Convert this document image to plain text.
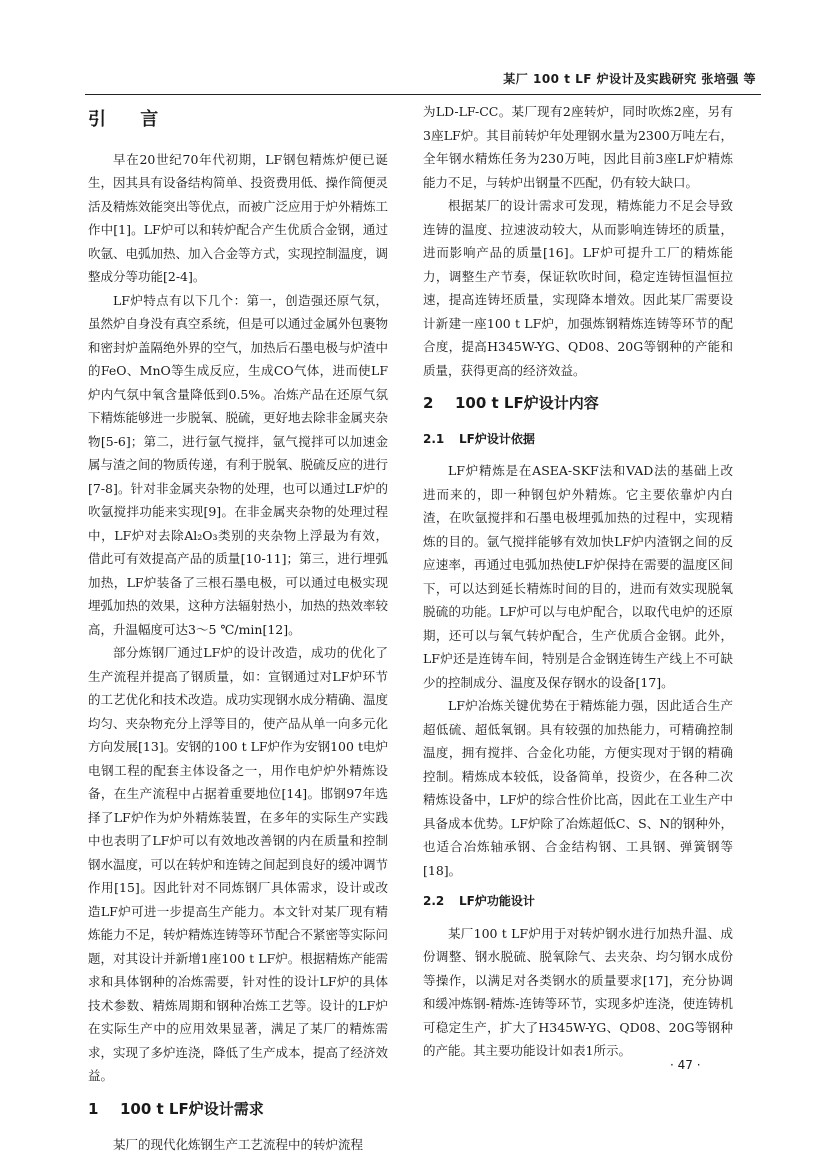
某厂 100 t LF 炉设计及实践研究 张培强 等
引 言

早在20世纪70年代初期，LF钢包精炼炉便已诞生，因其具有设备结构简单、投资费用低、操作简便灵活及精炼效能突出等优点，而被广泛应用于炉外精炼工作中[1]。LF炉可以和转炉配合产生优质合金钢，通过吹氩、电弧加热、加入合金等方式，实现控制温度，调整成分等功能[2-4]。

LF炉特点有以下几个：第一，创造强还原气氛，虽然炉自身没有真空系统，但是可以通过金属外包裹物和密封炉盖隔绝外界的空气，加热后石墨电极与炉渣中的FeO、MnO等生成反应，生成CO气体，进而使LF炉内气氛中氧含量降低到0.5%。冶炼产品在还原气氛下精炼能够进一步脱氧、脱硫，更好地去除非金属夹杂物[5-6]；第二，进行氩气搅拌，氩气搅拌可以加速金属与渣之间的物质传递，有利于脱氧、脱硫反应的进行[7-8]。针对非金属夹杂物的处理，也可以通过LF炉的吹氩搅拌功能来实现[9]。在非金属夹杂物的处理过程中，LF炉对去除Al₂O₃类别的夹杂物上浮最为有效，借此可有效提高产品的质量[10-11]；第三，进行埋弧加热，LF炉装备了三根石墨电极，可以通过电极实现埋弧加热的效果，这种方法辐射热小，加热的热效率较高，升温幅度可达3～5 ℃/min[12]。

部分炼钢厂通过LF炉的设计改造，成功的优化了生产流程并提高了钢质量，如：宣钢通过对LF炉环节的工艺优化和技术改造。成功实现钢水成分精确、温度均匀、夹杂物充分上浮等目的，使产品从单一向多元化方向发展[13]。安钢的100 t LF炉作为安钢100 t电炉电钢工程的配套主体设备之一，用作电炉炉外精炼设备，在生产流程中占据着重要地位[14]。邯钢97年选择了LF炉作为炉外精炼装置，在多年的实际生产实践中也表明了LF炉可以有效地改善钢的内在质量和控制钢水温度，可以在转炉和连铸之间起到良好的缓冲调节作用[15]。因此针对不同炼钢厂具体需求，设计或改造LF炉可进一步提高生产能力。本文针对某厂现有精炼能力不足，转炉精炼连铸等环节配合不紧密等实际问题，对其设计并新增1座100 t LF炉。根据精炼产能需求和具体钢种的冶炼需要，针对性的设计LF炉的具体技术参数、精炼周期和钢种冶炼工艺等。设计的LF炉在实际生产中的应用效果显著，满足了某厂的精炼需求，实现了多炉连浇，降低了生产成本，提高了经济效益。

1 100 t LF炉设计需求

某厂的现代化炼钢生产工艺流程中的转炉流程

为LD-LF-CC。某厂现有2座转炉，同时吹炼2座，另有3座LF炉。其目前转炉年处理钢水量为2300万吨左右，全年钢水精炼任务为230万吨，因此目前3座LF炉精炼能力不足，与转炉出钢量不匹配，仍有较大缺口。

根据某厂的设计需求可发现，精炼能力不足会导致连铸的温度、拉速波动较大，从而影响连铸坯的质量，进而影响产品的质量[16]。LF炉可提升工厂的精炼能力，调整生产节奏，保证软吹时间，稳定连铸恒温恒拉速，提高连铸坯质量，实现降本增效。因此某厂需要设计新建一座100 t LF炉，加强炼钢精炼连铸等环节的配合度，提高H345W-YG、QD08、20G等钢种的产能和质量，获得更高的经济效益。

2 100 t LF炉设计内容
2.1 LF炉设计依据

LF炉精炼是在ASEA-SKF法和VAD法的基础上改进而来的，即一种钢包炉外精炼。它主要依靠炉内白渣，在吹氩搅拌和石墨电极埋弧加热的过程中，实现精炼的目的。氩气搅拌能够有效加快LF炉内渣钢之间的反应速率，再通过电弧加热使LF炉保持在需要的温度区间下，可以达到延长精炼时间的目的，进而有效实现脱氧脱硫的功能。LF炉可以与电炉配合，以取代电炉的还原期，还可以与氧气转炉配合，生产优质合金钢。此外，LF炉还是连铸车间，特别是合金钢连铸生产线上不可缺少的控制成分、温度及保存钢水的设备[17]。

LF炉冶炼关键优势在于精炼能力强，因此适合生产超低硫、超低氧钢。具有较强的加热能力，可精确控制温度，拥有搅拌、合金化功能，方便实现对于钢的精确控制。精炼成本较低，设备简单，投资少，在各种二次精炼设备中，LF炉的综合性价比高，因此在工业生产中具备成本优势。LF炉除了冶炼超低C、S、N的钢种外，也适合冶炼轴承钢、合金结构钢、工具钢、弹簧钢等[18]。

2.2 LF炉功能设计

某厂100 t LF炉用于对转炉钢水进行加热升温、成份调整、钢水脱硫、脱氧除气、去夹杂、均匀钢水成份等操作，以满足对各类钢水的质量要求[17]，充分协调和缓冲炼钢-精炼-连铸等环节，实现多炉连浇，使连铸机可稳定生产，扩大了H345W-YG、QD08、20G等钢种的产能。其主要功能设计如表1所示。

· 47 ·
